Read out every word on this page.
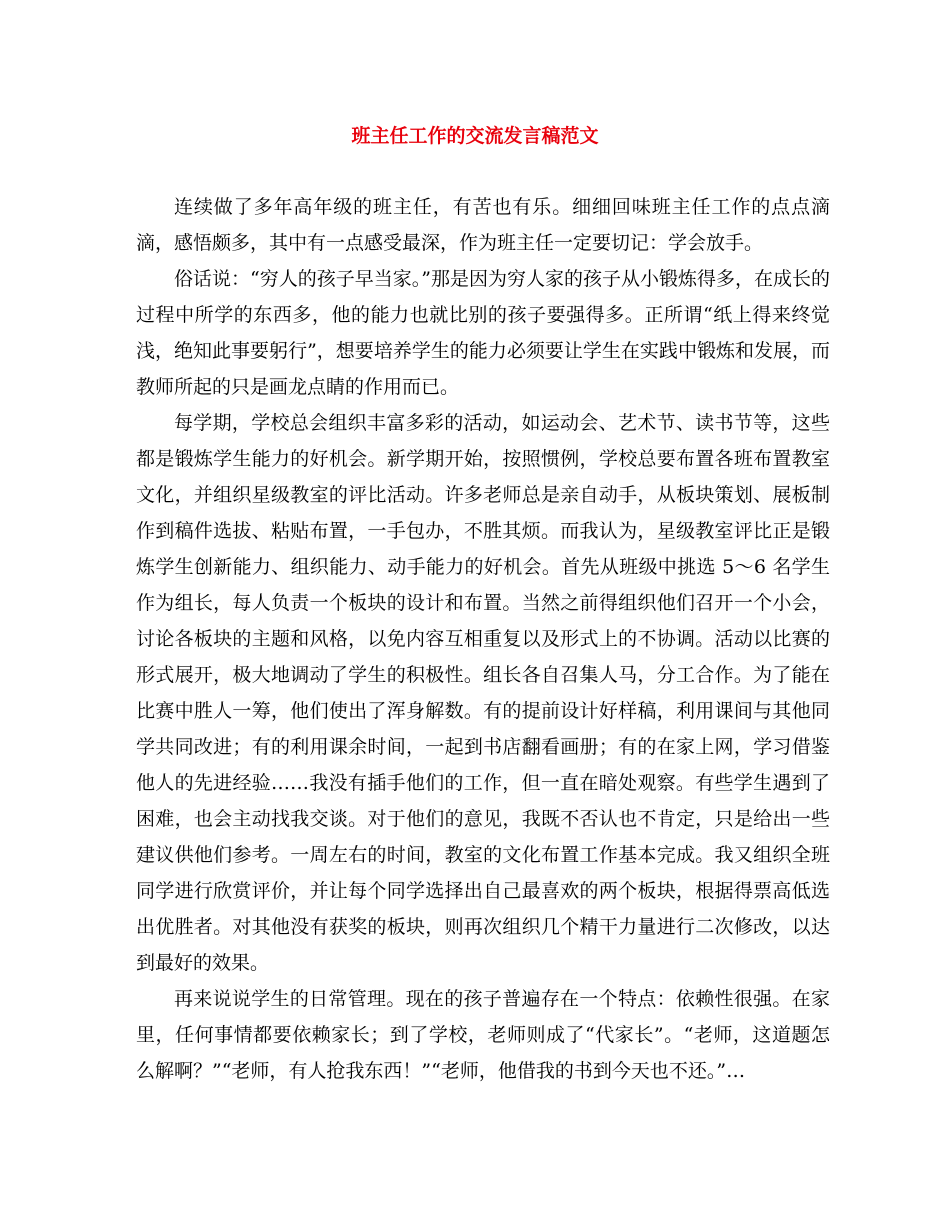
班主任工作的交流发言稿范文

连续做了多年高年级的班主任，有苦也有乐。细细回味班主任工作的点点滴滴，感悟颇多，其中有一点感受最深，作为班主任一定要切记：学会放手。

俗话说：“穷人的孩子早当家。”那是因为穷人家的孩子从小锻炼得多，在成长的过程中所学的东西多，他的能力也就比别的孩子要强得多。正所谓“纸上得来终觉浅，绝知此事要躬行”，想要培养学生的能力必须要让学生在实践中锻炼和发展，而教师所起的只是画龙点睛的作用而已。

每学期，学校总会组织丰富多彩的活动，如运动会、艺术节、读书节等，这些都是锻炼学生能力的好机会。新学期开始，按照惯例，学校总要布置各班布置教室文化，并组织星级教室的评比活动。许多老师总是亲自动手，从板块策划、展板制作到稿件选拔、粘贴布置，一手包办，不胜其烦。而我认为，星级教室评比正是锻炼学生创新能力、组织能力、动手能力的好机会。首先从班级中挑选 5～6 名学生作为组长，每人负责一个板块的设计和布置。当然之前得组织他们召开一个小会，讨论各板块的主题和风格，以免内容互相重复以及形式上的不协调。活动以比赛的形式展开，极大地调动了学生的积极性。组长各自召集人马，分工合作。为了能在比赛中胜人一筹，他们使出了浑身解数。有的提前设计好样稿，利用课间与其他同学共同改进；有的利用课余时间，一起到书店翻看画册；有的在家上网，学习借鉴他人的先进经验……我没有插手他们的工作，但一直在暗处观察。有些学生遇到了困难，也会主动找我交谈。对于他们的意见，我既不否认也不肯定，只是给出一些建议供他们参考。一周左右的时间，教室的文化布置工作基本完成。我又组织全班同学进行欣赏评价，并让每个同学选择出自己最喜欢的两个板块，根据得票高低选出优胜者。对其他没有获奖的板块，则再次组织几个精干力量进行二次修改，以达到最好的效果。

再来说说学生的日常管理。现在的孩子普遍存在一个特点：依赖性很强。在家里，任何事情都要依赖家长；到了学校，老师则成了“代家长”。“老师，这道题怎么解啊？”“老师，有人抢我东西！”“老师，他借我的书到今天也不还。”…
